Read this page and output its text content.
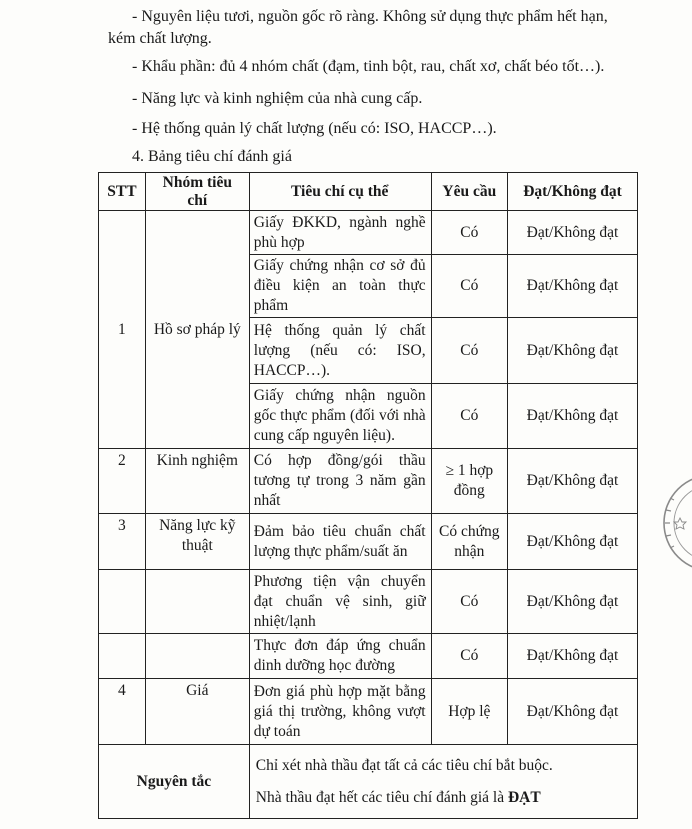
- Nguyên liệu tươi, nguồn gốc rõ ràng. Không sử dụng thực phẩm hết hạn,
kém chất lượng.
- Khẩu phần: đủ 4 nhóm chất (đạm, tinh bột, rau, chất xơ, chất béo tốt…).
- Năng lực và kinh nghiệm của nhà cung cấp.
- Hệ thống quản lý chất lượng (nếu có: ISO, HACCP…).
4. Bảng tiêu chí đánh giá
STT	Nhóm tiêu chí	Tiêu chí cụ thể	Yêu cầu	Đạt/Không đạt
1	Hồ sơ pháp lý	Giấy ĐKKD, ngành nghề phù hợp	Có	Đạt/Không đạt
		Giấy chứng nhận cơ sở đủ điều kiện an toàn thực phẩm	Có	Đạt/Không đạt
		Hệ thống quản lý chất lượng (nếu có: ISO, HACCP…).	Có	Đạt/Không đạt
		Giấy chứng nhận nguồn gốc thực phẩm (đối với nhà cung cấp nguyên liệu).	Có	Đạt/Không đạt
2	Kinh nghiệm	Có hợp đồng/gói thầu tương tự trong 3 năm gần nhất	≥ 1 hợp đồng	Đạt/Không đạt
3	Năng lực kỹ thuật	Đảm bảo tiêu chuẩn chất lượng thực phẩm/suất ăn	Có chứng nhận	Đạt/Không đạt
		Phương tiện vận chuyển đạt chuẩn vệ sinh, giữ nhiệt/lạnh	Có	Đạt/Không đạt
		Thực đơn đáp ứng chuẩn dinh dưỡng học đường	Có	Đạt/Không đạt
4	Giá	Đơn giá phù hợp mặt bằng giá thị trường, không vượt dự toán	Hợp lệ	Đạt/Không đạt
Nguyên tắc		Chỉ xét nhà thầu đạt tất cả các tiêu chí bắt buộc.
Nhà thầu đạt hết các tiêu chí đánh giá là ĐẠT		
